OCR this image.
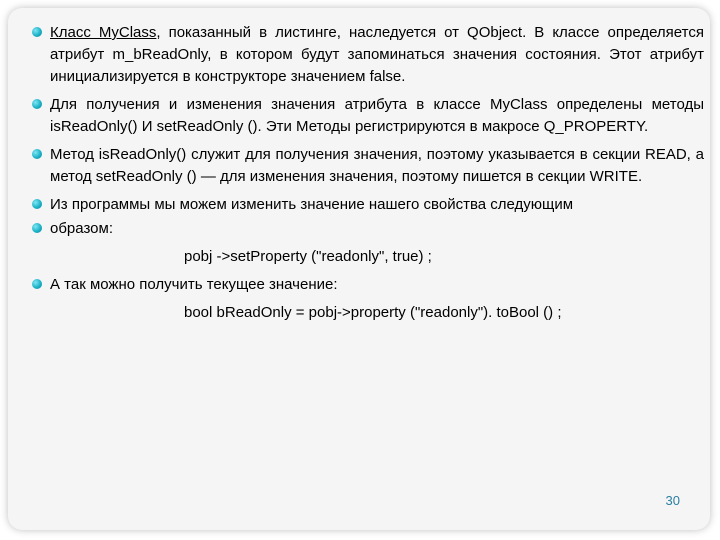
Класс MyClass, показанный в листинге, наследуется от QObject. В классе определяется атрибут m_bReadOnly, в котором будут запоминаться значения состояния. Этот атрибут инициализируется в конструкторе значением false.

Для получения и изменения значения атрибута в классе MyClass определены методы isReadOnly() И setReadOnly (). Эти Методы регистрируются в макросе Q_PROPERTY.

Метод isReadOnly() служит для получения значения, поэтому указывается в секции READ, а метод setReadOnly () — для изменения значения, поэтому пишется в секции WRITE.

Из программы мы можем изменить значение нашего свойства следующим

образом:

pobj ->setProperty ("readonly", true) ;

А так можно получить текущее значение:

bool bReadOnly = pobj->property ("readonly"). toBool () ;
30
